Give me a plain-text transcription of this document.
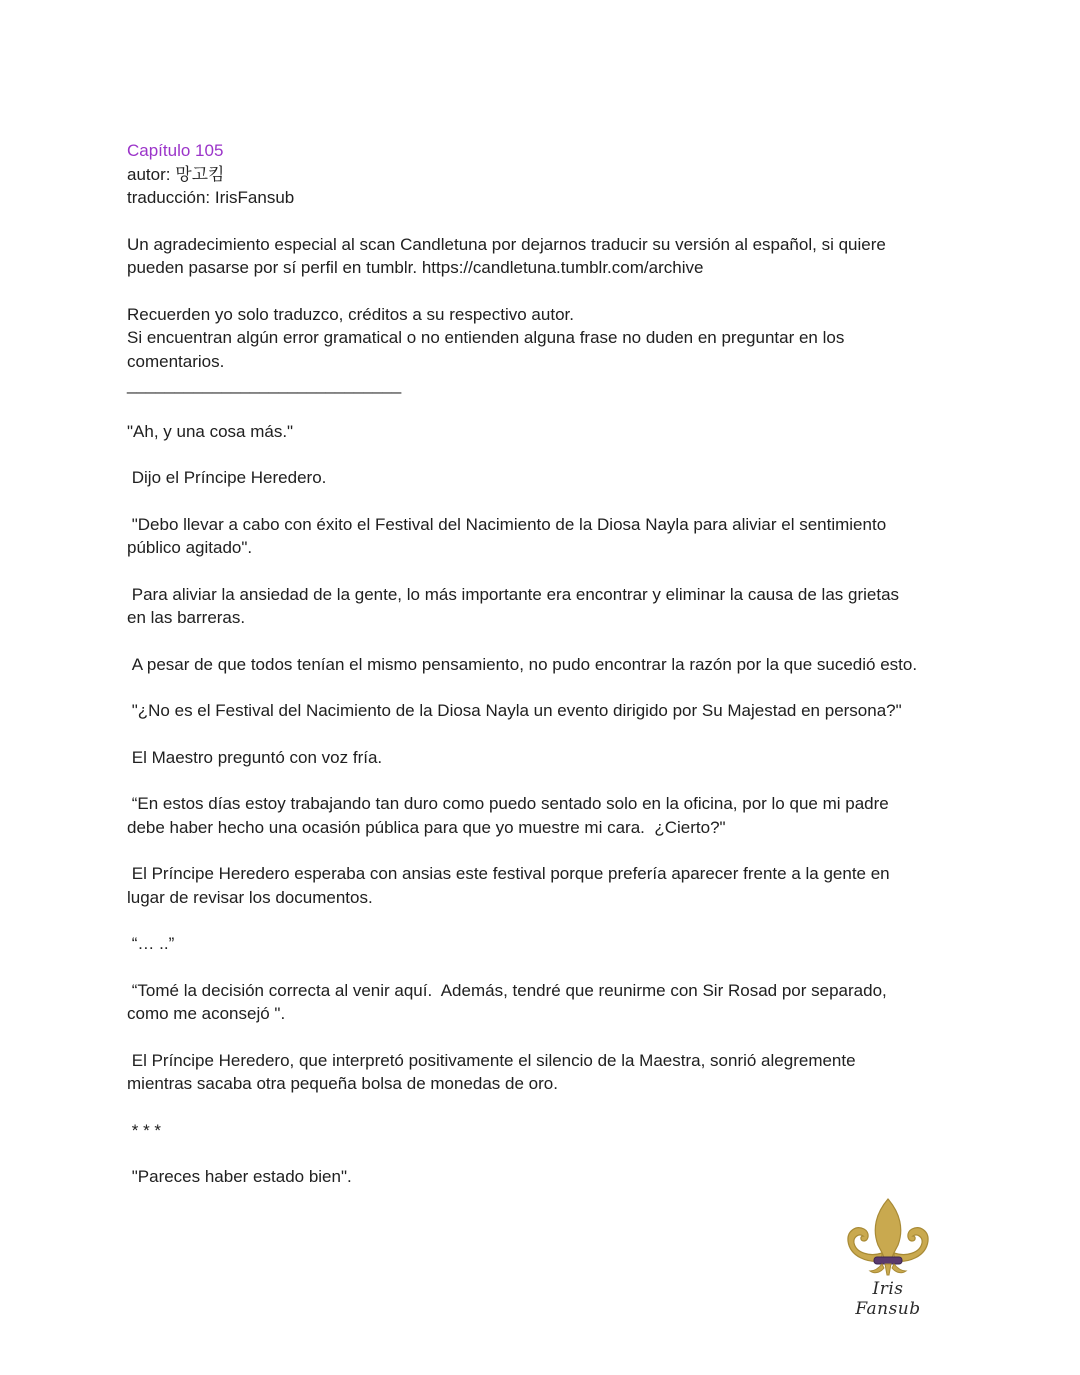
Capítulo 105
autor: 망고킴
traducción: IrisFansub
Un agradecimiento especial al scan Candletuna por dejarnos traducir su versión al español, si quiere
pueden pasarse por sí perfil en tumblr. https://candletuna.tumblr.com/archive
Recuerden yo solo traduzco, créditos a su respectivo autor.
Si encuentran algún error gramatical o no entienden alguna frase no duden en preguntar en los
comentarios.
_____________________________
"Ah, y una cosa más."
Dijo el Príncipe Heredero.
"Debo llevar a cabo con éxito el Festival del Nacimiento de la Diosa Nayla para aliviar el sentimiento
público agitado".
Para aliviar la ansiedad de la gente, lo más importante era encontrar y eliminar la causa de las grietas
en las barreras.
A pesar de que todos tenían el mismo pensamiento, no pudo encontrar la razón por la que sucedió esto.
"¿No es el Festival del Nacimiento de la Diosa Nayla un evento dirigido por Su Majestad en persona?"
El Maestro preguntó con voz fría.
“En estos días estoy trabajando tan duro como puedo sentado solo en la oficina, por lo que mi padre
debe haber hecho una ocasión pública para que yo muestre mi cara.  ¿Cierto?"
El Príncipe Heredero esperaba con ansias este festival porque prefería aparecer frente a la gente en
lugar de revisar los documentos.
“… ..”
“Tomé la decisión correcta al venir aquí.  Además, tendré que reunirme con Sir Rosad por separado,
como me aconsejó ".
El Príncipe Heredero, que interpretó positivamente el silencio de la Maestra, sonrió alegremente
mientras sacaba otra pequeña bolsa de monedas de oro.
* * *
"Pareces haber estado bien".
Iris Fansub
